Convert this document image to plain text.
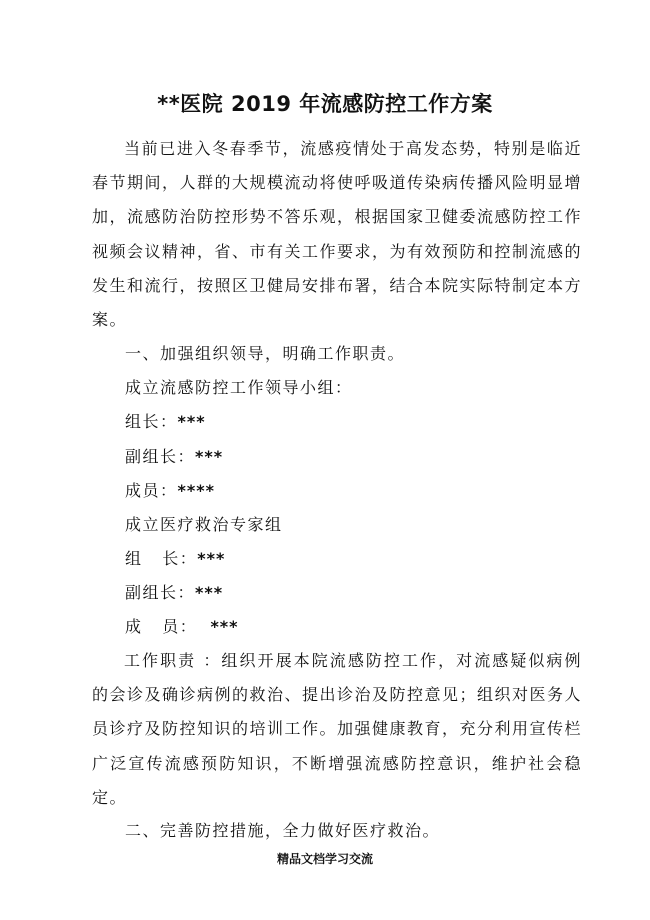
**医院 2019 年流感防控工作方案

当前已进入冬春季节，流感疫情处于高发态势，特别是临近春节期间，人群的大规模流动将使呼吸道传染病传播风险明显增加，流感防治防控形势不答乐观，根据国家卫健委流感防控工作视频会议精神，省、市有关工作要求，为有效预防和控制流感的发生和流行，按照区卫健局安排布署，结合本院实际特制定本方案。

一、加强组织领导，明确工作职责。
成立流感防控工作领导小组：
组长：***
副组长：***
成员：****
成立医疗救治专家组
组   长：***
副组长：***
成   员：  ***

工作职责 ：组织开展本院流感防控工作，对流感疑似病例的会诊及确诊病例的救治、提出诊治及防控意见；组织对医务人员诊疗及防控知识的培训工作。加强健康教育，充分利用宣传栏广泛宣传流感预防知识，不断增强流感防控意识，维护社会稳定。

二、完善防控措施，全力做好医疗救治。
精品文档学习交流
